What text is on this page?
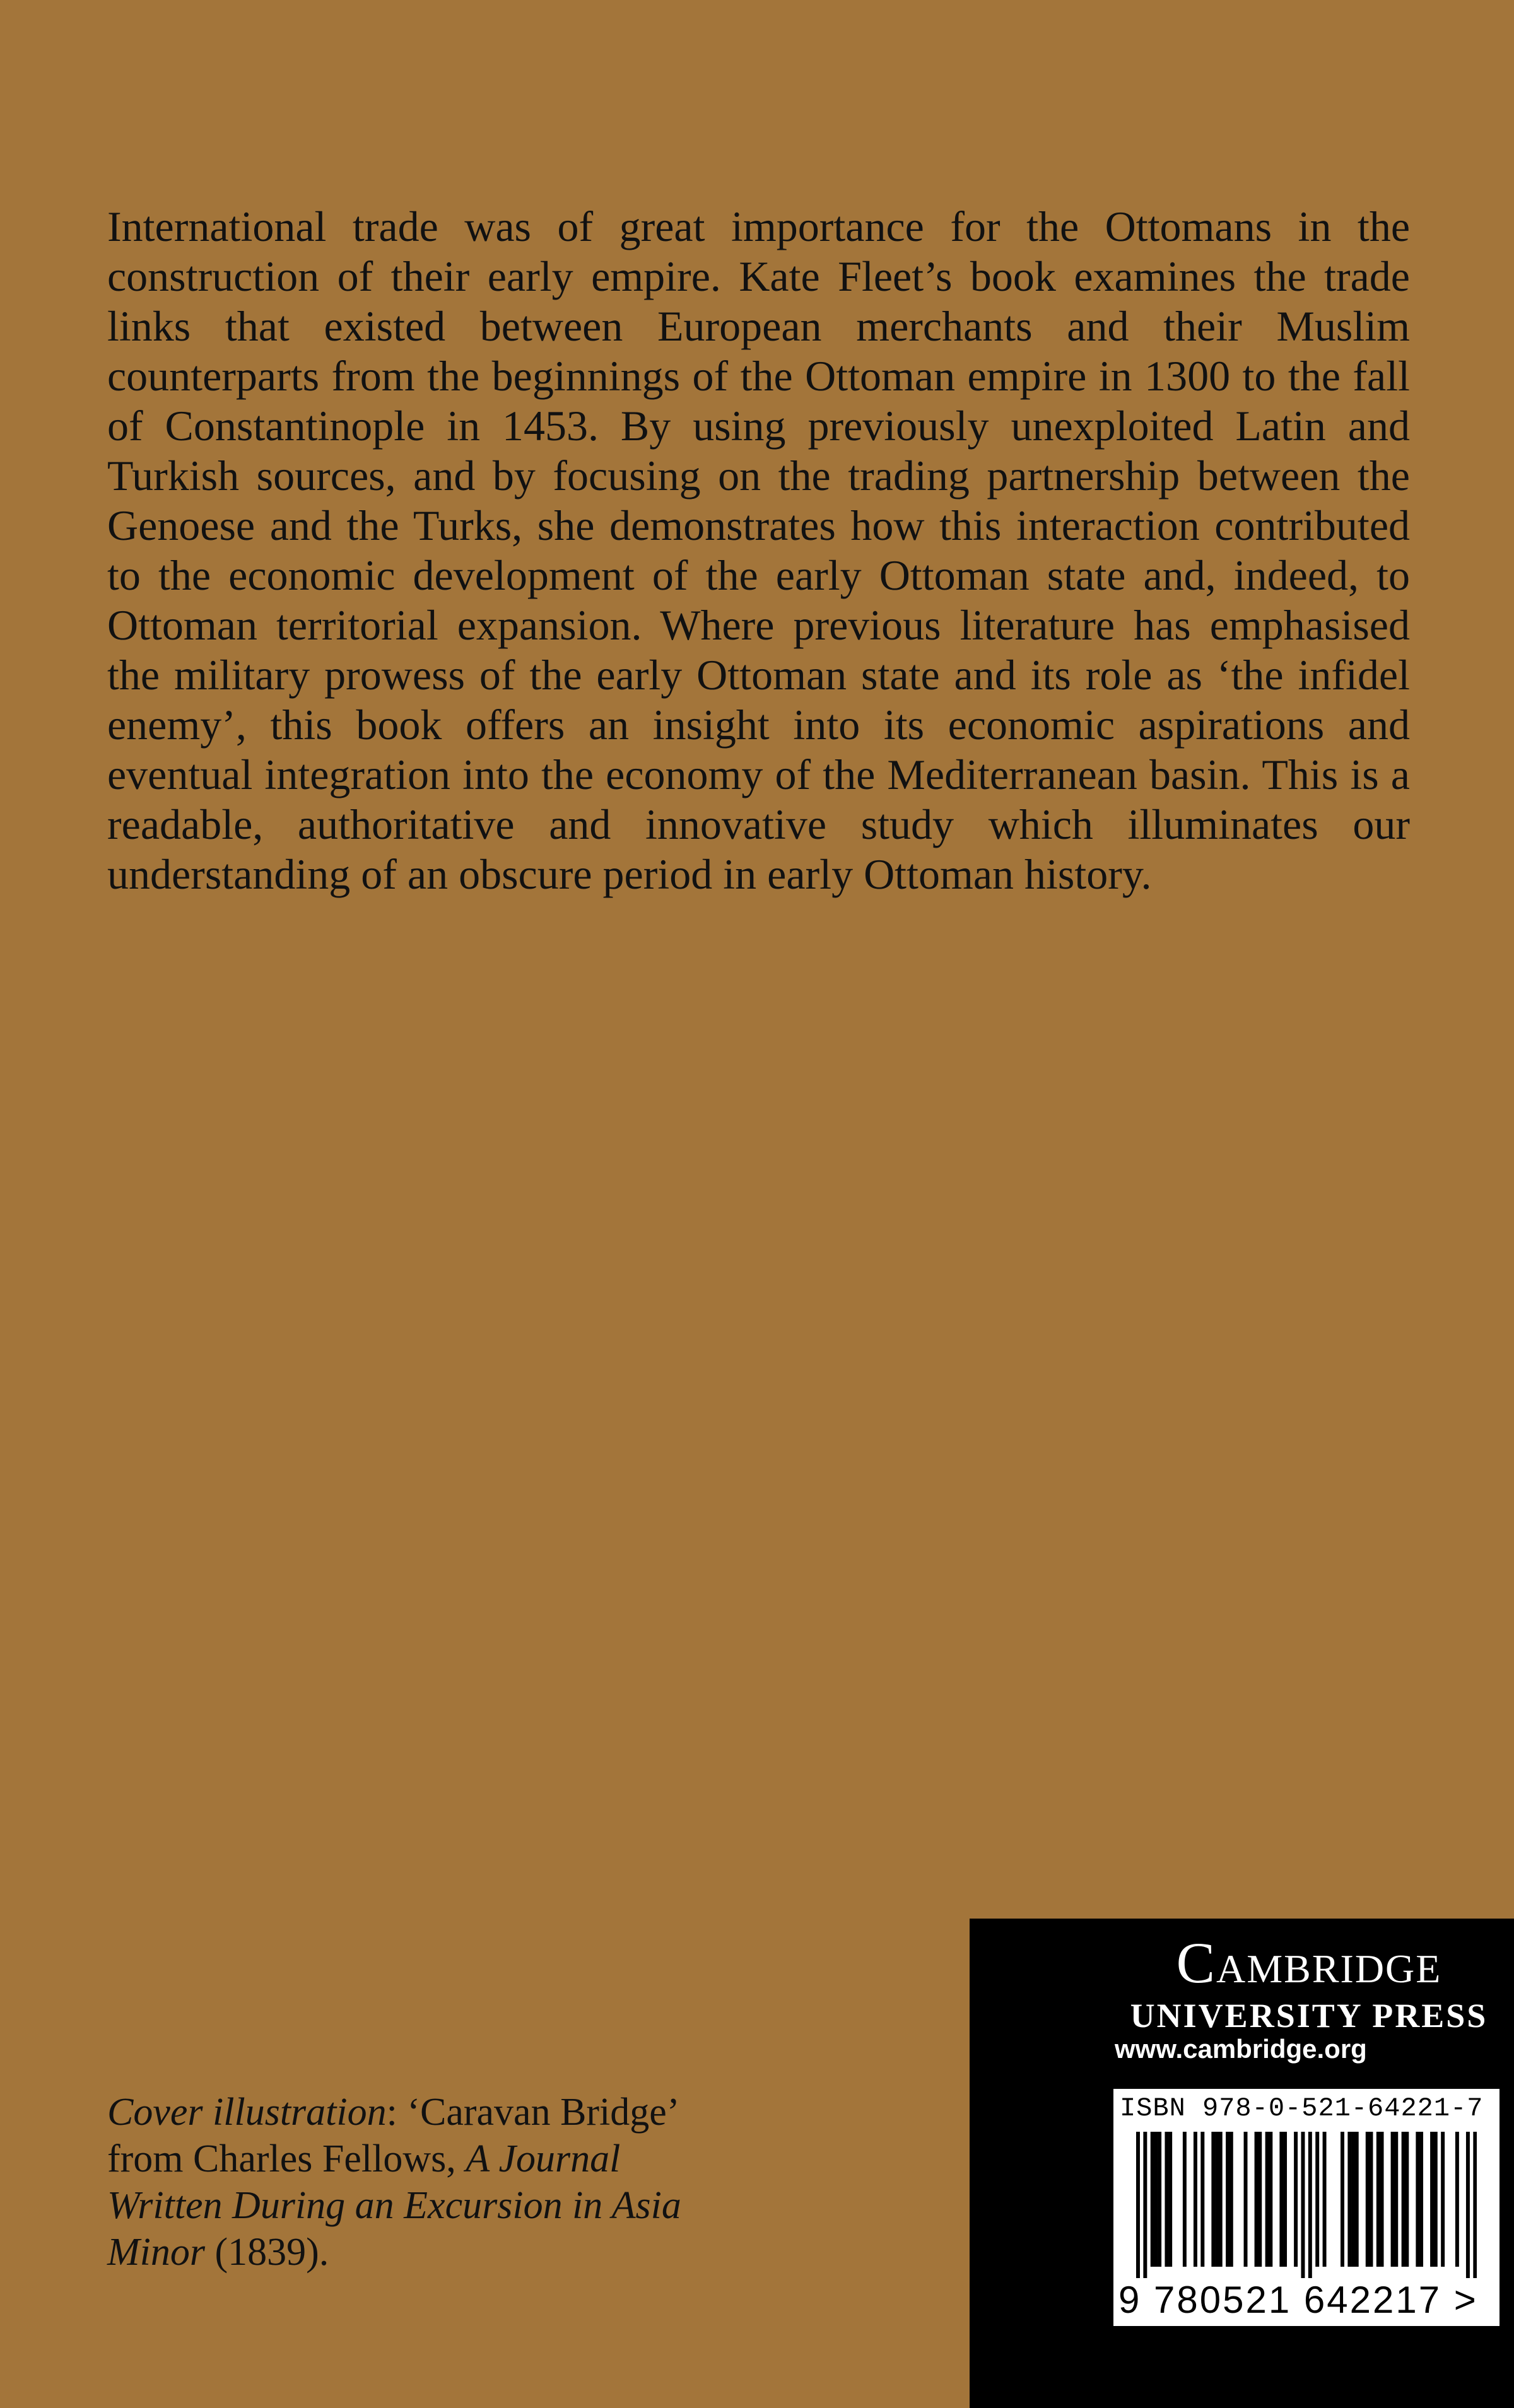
International trade was of great importance for the Ottomans in the construction of their early empire. Kate Fleet’s book examines the trade links that existed between European merchants and their Muslim counterparts from the beginnings of the Ottoman empire in 1300 to the fall of Constantinople in 1453. By using previously unexploited Latin and Turkish sources, and by focusing on the trading partnership between the Genoese and the Turks, she demonstrates how this interaction contributed to the economic development of the early Ottoman state and, indeed, to Ottoman territorial expansion. Where previous literature has emphasised the military prowess of the early Ottoman state and its role as ‘the infidel enemy’, this book offers an insight into its economic aspirations and eventual integration into the economy of the Mediterranean basin. This is a readable, authoritative and innovative study which illuminates our understanding of an obscure period in early Ottoman history.

Cover illustration: ‘Caravan Bridge’ from Charles Fellows, A Journal Written During an Excursion in Asia Minor (1839).

Cambridge
UNIVERSITY PRESS
www.cambridge.org
ISBN 978-0-521-64221-7
9 780521 642217 >
